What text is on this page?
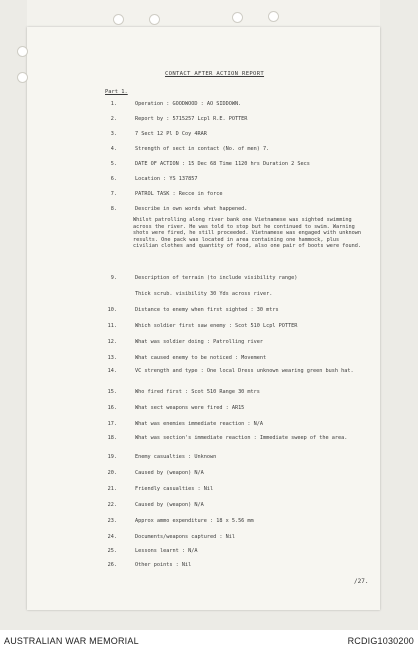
CONTACT AFTER ACTION REPORT
Part 1.
1.	Operation : GOODWOOD : AO SIDDOWN.
2.	Report by : 5715257 Lcpl R.E. POTTER
3.	7 Sect 12 Pl D Coy 4RAR
4.	Strength of sect in contact (No. of men) 7.
5.	DATE OF ACTION : 15 Dec 68 Time 1120 hrs Duration 2 Secs
6.	Location : YS 137857
7.	PATROL TASK : Recce in force
8.	Describe in own words what happened.
Whilst patrolling along river bank one Vietnamese was sighted swimming across the river. He was told to stop but he continued to swim. Warning shots were fired, he still proceeded. Vietnamese was engaged with unknown results. One pack was located in area containing one hammock, plus civilian clothes and quantity of food, also one pair of boots were found.
9.	Description of terrain (to include visibility range)
Thick scrub. visibility 30 Yds across river.
10.	Distance to enemy when first sighted : 30 mtrs
11.	Which soldier first saw enemy : Scot 510 Lcpl POTTER
12.	What was soldier doing : Patrolling river
13.	What caused enemy to be noticed : Movement
14.	VC strength and type : One local Dress unknown wearing green bush hat.
15.	Who fired first : Scot 510 Range 30 mtrs
16.	What sect weapons were fired : AR15
17.	What was enemies immediate reaction : N/A
18.	What was section's immediate reaction : Immediate sweep of the area.
19.	Enemy casualties : Unknown
20.	Caused by (weapon) N/A
21.	Friendly casualties : Nil
22.	Caused by (weapon) N/A
23.	Approx ammo expenditure : 18 x 5.56 mm
24.	Documents/weapons captured : Nil
25.	Lessons learnt : N/A
26.	Other points : Nil
/27.
AUSTRALIAN WAR MEMORIAL	RCDIG1030200
